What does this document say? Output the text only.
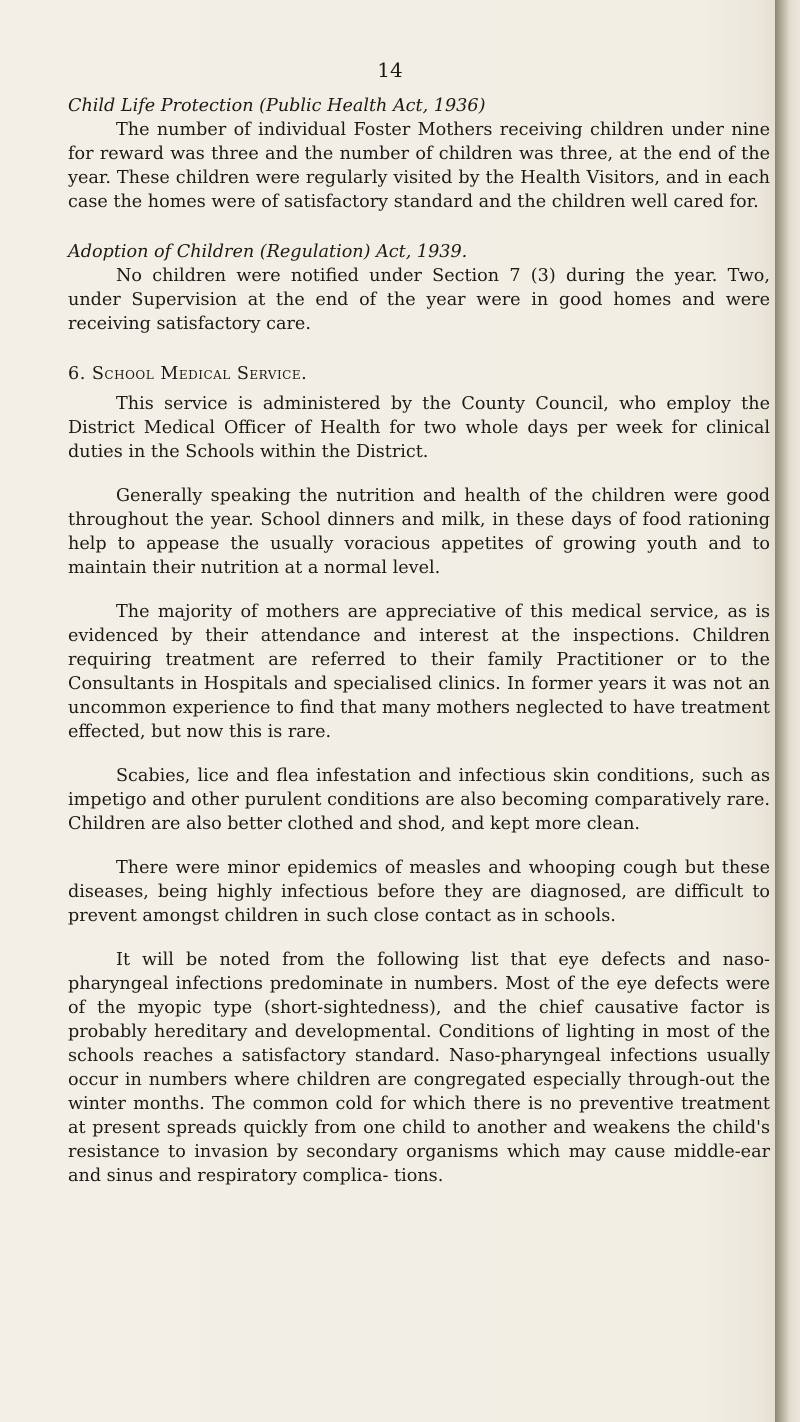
14
Child Life Protection (Public Health Act, 1936)

The number of individual Foster Mothers receiving children under nine for reward was three and the number of children was three, at the end of the year. These children were regularly visited by the Health Visitors, and in each case the homes were of satisfactory standard and the children well cared for.

Adoption of Children (Regulation) Act, 1939.

No children were notified under Section 7 (3) during the year. Two, under Supervision at the end of the year were in good homes and were receiving satisfactory care.

6. School Medical Service.

This service is administered by the County Council, who employ the District Medical Officer of Health for two whole days per week for clinical duties in the Schools within the District.

Generally speaking the nutrition and health of the children were good throughout the year. School dinners and milk, in these days of food rationing help to appease the usually voracious appetites of growing youth and to maintain their nutrition at a normal level.

The majority of mothers are appreciative of this medical service, as is evidenced by their attendance and interest at the inspections. Children requiring treatment are referred to their family Practitioner or to the Consultants in Hospitals and specialised clinics. In former years it was not an uncommon experience to find that many mothers neglected to have treatment effected, but now this is rare.

Scabies, lice and flea infestation and infectious skin conditions, such as impetigo and other purulent conditions are also becoming comparatively rare. Children are also better clothed and shod, and kept more clean.

There were minor epidemics of measles and whooping cough but these diseases, being highly infectious before they are diagnosed, are difficult to prevent amongst children in such close contact as in schools.

It will be noted from the following list that eye defects and naso-pharyngeal infections predominate in numbers. Most of the eye defects were of the myopic type (short-sightedness), and the chief causative factor is probably hereditary and developmental. Conditions of lighting in most of the schools reaches a satisfactory standard. Naso-pharyngeal infections usually occur in numbers where children are congregated especially through-out the winter months. The common cold for which there is no preventive treatment at present spreads quickly from one child to another and weakens the child's resistance to invasion by secondary organisms which may cause middle-ear and sinus and respiratory complica- tions.
